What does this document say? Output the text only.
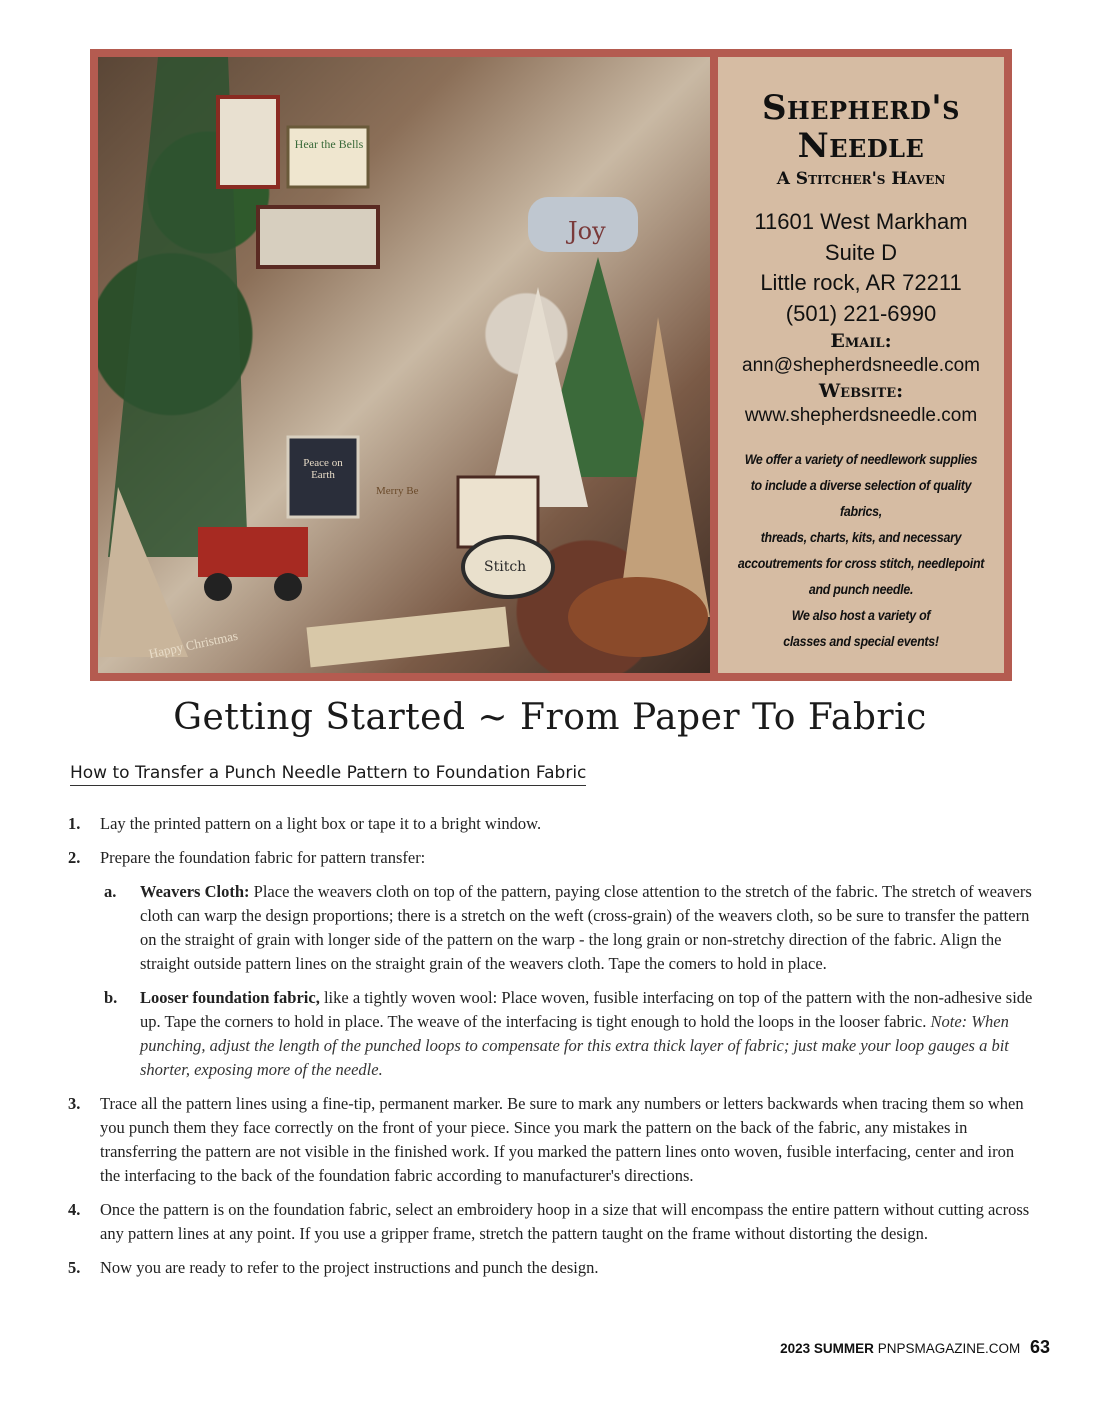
Joy
Hear the Bells
Peace on Earth
Merry Be
Stitch
Happy Christmas
Shepherd's
Needle
A Stitcher's Haven
11601 West Markham
Suite D
Little rock, AR 72211
(501) 221-6990
Email:
ann@shepherdsneedle.com
Website:
www.shepherdsneedle.com
We offer a variety of needlework supplies
to include a diverse selection of quality fabrics,
threads, charts, kits, and necessary
accoutrements for cross stitch, needlepoint
and punch needle.
We also host a variety of
classes and special events!
Getting Started ~ From Paper To Fabric
How to Transfer a Punch Needle Pattern to Foundation Fabric
1. Lay the printed pattern on a light box or tape it to a bright window.
2. Prepare the foundation fabric for pattern transfer:
a. Weavers Cloth: Place the weavers cloth on top of the pattern, paying close attention to the stretch of the fabric. The stretch of weavers cloth can warp the design proportions; there is a stretch on the weft (cross-grain) of the weavers cloth, so be sure to transfer the pattern on the straight of grain with longer side of the pattern on the warp - the long grain or non-stretchy direction of the fabric. Align the straight outside pattern lines on the straight grain of the weavers cloth. Tape the comers to hold in place.
b. Looser foundation fabric, like a tightly woven wool: Place woven, fusible interfacing on top of the pattern with the non-adhesive side up. Tape the corners to hold in place. The weave of the interfacing is tight enough to hold the loops in the looser fabric. Note: When punching, adjust the length of the punched loops to compensate for this extra thick layer of fabric; just make your loop gauges a bit shorter, exposing more of the needle.
3. Trace all the pattern lines using a fine-tip, permanent marker. Be sure to mark any numbers or letters backwards when tracing them so when you punch them they face correctly on the front of your piece. Since you mark the pattern on the back of the fabric, any mistakes in transferring the pattern are not visible in the finished work. If you marked the pattern lines onto woven, fusible interfacing, center and iron the interfacing to the back of the foundation fabric according to manufacturer's directions.
4. Once the pattern is on the foundation fabric, select an embroidery hoop in a size that will encompass the entire pattern without cutting across any pattern lines at any point. If you use a gripper frame, stretch the pattern taught on the frame without distorting the design.
5. Now you are ready to refer to the project instructions and punch the design.
2023 SUMMER PNPSMAGAZINE.COM 63
